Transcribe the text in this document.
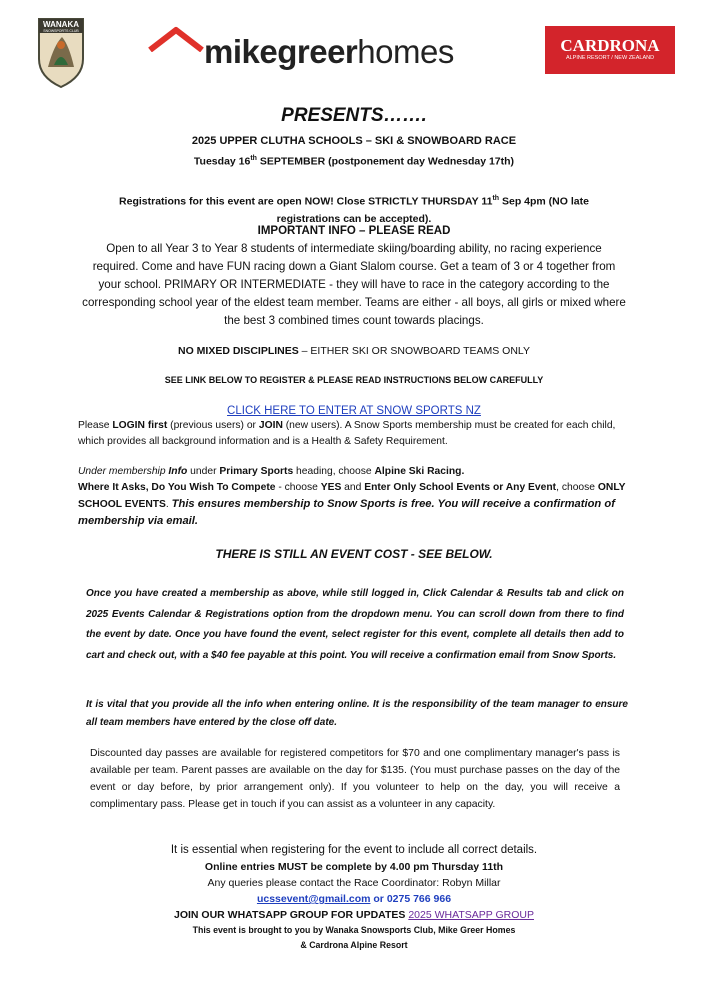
WANAKA
SNOWSPORTS CLUB
mikegreerhomes	CARDRONA
ALPINE RESORT / NEW ZEALAND
PRESENTS…….
2025 UPPER CLUTHA SCHOOLS – SKI & SNOWBOARD RACE
Tuesday 16th SEPTEMBER (postponement day Wednesday 17th)
Registrations for this event are open NOW! Close STRICTLY THURSDAY 11th Sep 4pm (NO late
registrations can be accepted).
IMPORTANT INFO – PLEASE READ
Open to all Year 3 to Year 8 students of intermediate skiing/boarding ability, no racing experience required. Come and have FUN racing down a Giant Slalom course. Get a team of 3 or 4 together from your school. PRIMARY OR INTERMEDIATE - they will have to race in the category according to the corresponding school year of the eldest team member. Teams are either - all boys, all girls or mixed where the best 3 combined times count towards placings.
NO MIXED DISCIPLINES – EITHER SKI OR SNOWBOARD TEAMS ONLY
SEE LINK BELOW TO REGISTER & PLEASE READ INSTRUCTIONS BELOW CAREFULLY
CLICK HERE TO ENTER AT SNOW SPORTS NZ
Please LOGIN first (previous users) or JOIN (new users). A Snow Sports membership must be created for each child, which provides all background information and is a Health & Safety Requirement.
Under membership Info under Primary Sports heading, choose Alpine Ski Racing.
Where It Asks, Do You Wish To Compete - choose YES and Enter Only School Events or Any Event, choose ONLY SCHOOL EVENTS. This ensures membership to Snow Sports is free. You will receive a confirmation of membership via email.
THERE IS STILL AN EVENT COST - SEE BELOW.
Once you have created a membership as above, while still logged in, Click Calendar & Results tab and click on 2025 Events Calendar & Registrations option from the dropdown menu. You can scroll down from there to find the event by date. Once you have found the event, select register for this event, complete all details then add to cart and check out, with a $40 fee payable at this point. You will receive a confirmation email from Snow Sports.
It is vital that you provide all the info when entering online. It is the responsibility of the team manager to ensure all team members have entered by the close off date.
Discounted day passes are available for registered competitors for $70 and one complimentary manager's pass is available per team. Parent passes are available on the day for $135. (You must purchase passes on the day of the event or day before, by prior arrangement only). If you volunteer to help on the day, you will receive a complimentary pass. Please get in touch if you can assist as a volunteer in any capacity.
It is essential when registering for the event to include all correct details.
Online entries MUST be complete by 4.00 pm Thursday 11th
Any queries please contact the Race Coordinator: Robyn Millar
ucssevent@gmail.com or 0275 766 966
JOIN OUR WHATSAPP GROUP FOR UPDATES 2025 WHATSAPP GROUP
This event is brought to you by Wanaka Snowsports Club, Mike Greer Homes
& Cardrona Alpine Resort
